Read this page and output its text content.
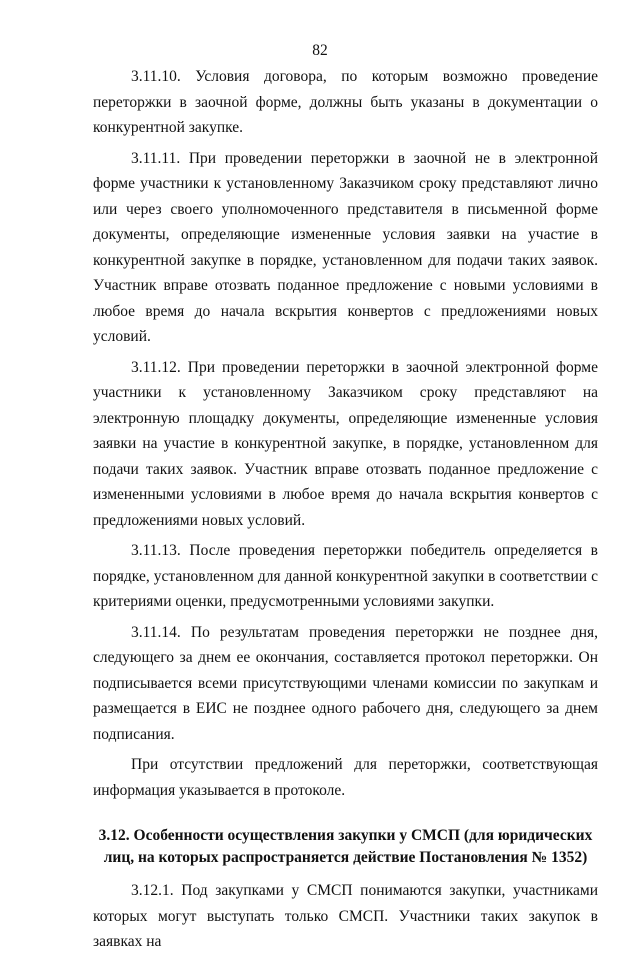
82

3.11.10. Условия договора, по которым возможно проведение переторжки в заочной форме, должны быть указаны в документации о конкурентной закупке.

3.11.11. При проведении переторжки в заочной не в электронной форме участники к установленному Заказчиком сроку представляют лично или через своего уполномоченного представителя в письменной форме документы, определяющие измененные условия заявки на участие в конкурентной закупке в порядке, установленном для подачи таких заявок. Участник вправе отозвать поданное предложение с новыми условиями в любое время до начала вскрытия конвертов с предложениями новых условий.

3.11.12. При проведении переторжки в заочной электронной форме участники к установленному Заказчиком сроку представляют на электронную площадку документы, определяющие измененные условия заявки на участие в конкурентной закупке, в порядке, установленном для подачи таких заявок. Участник вправе отозвать поданное предложение с измененными условиями в любое время до начала вскрытия конвертов с предложениями новых условий.

3.11.13. После проведения переторжки победитель определяется в порядке, установленном для данной конкурентной закупки в соответствии с критериями оценки, предусмотренными условиями закупки.

3.11.14. По результатам проведения переторжки не позднее дня, следующего за днем ее окончания, составляется протокол переторжки. Он подписывается всеми присутствующими членами комиссии по закупкам и размещается в ЕИС не позднее одного рабочего дня, следующего за днем подписания.

При отсутствии предложений для переторжки, соответствующая информация указывается в протоколе.

3.12. Особенности осуществления закупки у СМСП (для юридических лиц, на которых распространяется действие Постановления № 1352)

3.12.1. Под закупками у СМСП понимаются закупки, участниками которых могут выступать только СМСП. Участники таких закупок в заявках на
